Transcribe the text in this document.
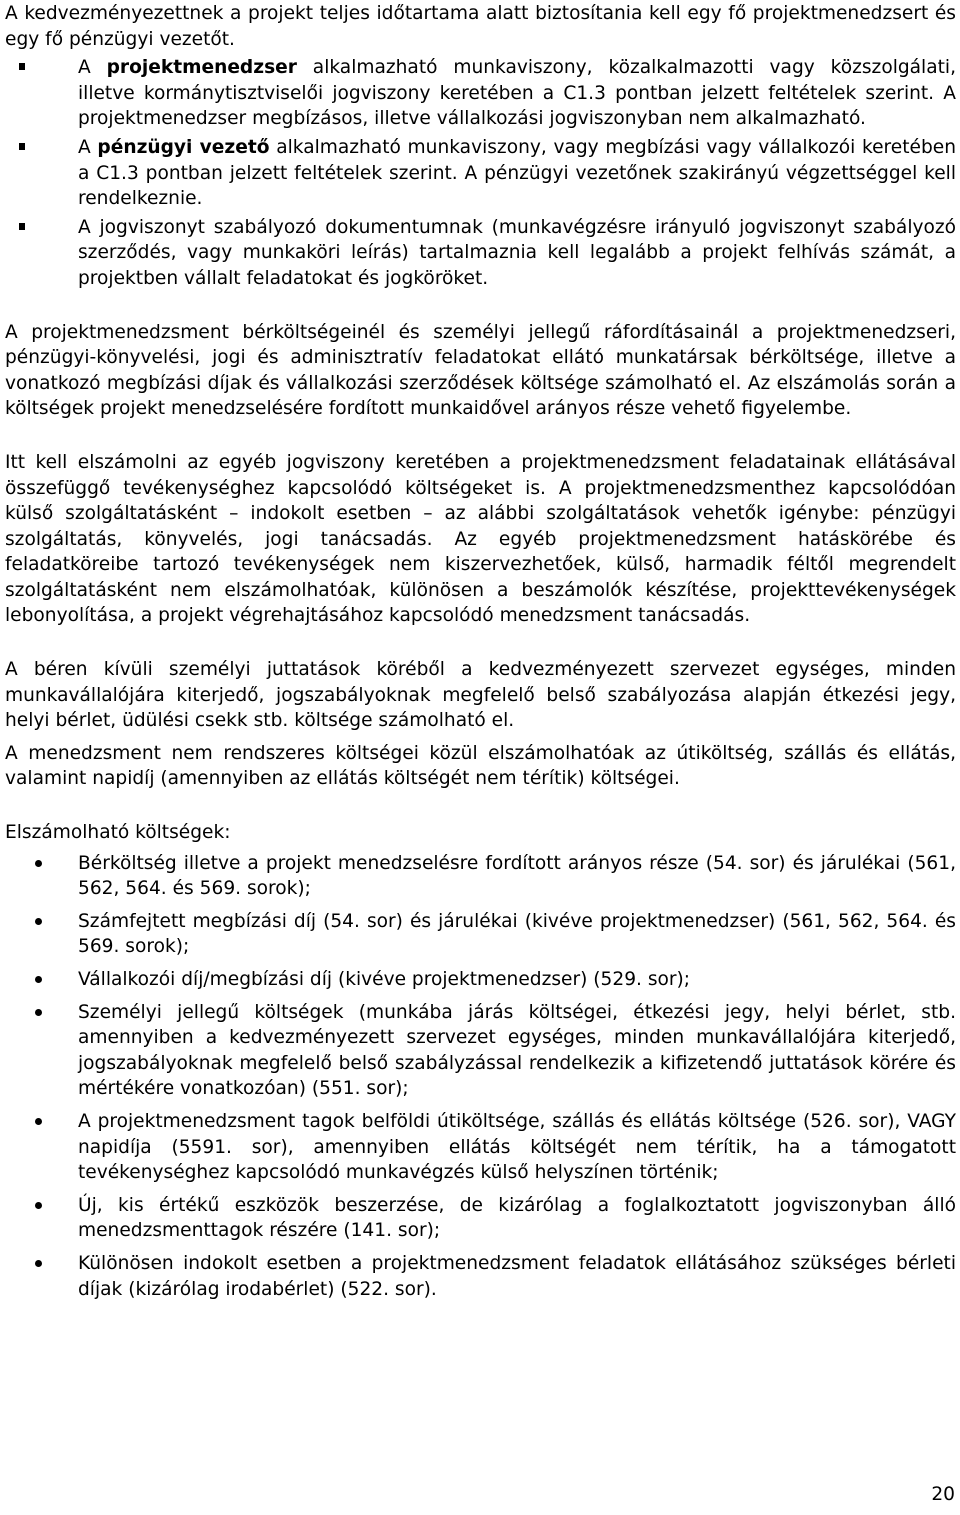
A kedvezményezettnek a projekt teljes időtartama alatt biztosítania kell egy fő projektmenedzsert és egy fő pénzügyi vezetőt.

A projektmenedzser alkalmazható munkaviszony, közalkalmazotti vagy közszolgálati, illetve kormánytisztviselői jogviszony keretében a C1.3 pontban jelzett feltételek szerint. A projektmenedzser megbízásos, illetve vállalkozási jogviszonyban nem alkalmazható.
A pénzügyi vezető alkalmazható munkaviszony, vagy megbízási vagy vállalkozói keretében a C1.3 pontban jelzett feltételek szerint. A pénzügyi vezetőnek szakirányú végzettséggel kell rendelkeznie.
A jogviszonyt szabályozó dokumentumnak (munkavégzésre irányuló jogviszonyt szabályozó szerződés, vagy munkaköri leírás) tartalmaznia kell legalább a projekt felhívás számát, a projektben vállalt feladatokat és jogköröket.

A projektmenedzsment bérköltségeinél és személyi jellegű ráfordításainál a projektmenedzseri, pénzügyi-könyvelési, jogi és adminisztratív feladatokat ellátó munkatársak bérköltsége, illetve a vonatkozó megbízási díjak és vállalkozási szerződések költsége számolható el. Az elszámolás során a költségek projekt menedzselésére fordított munkaidővel arányos része vehető figyelembe.

Itt kell elszámolni az egyéb jogviszony keretében a projektmenedzsment feladatainak ellátásával összefüggő tevékenységhez kapcsolódó költségeket is. A projektmenedzsmenthez kapcsolódóan külső szolgáltatásként – indokolt esetben – az alábbi szolgáltatások vehetők igénybe: pénzügyi szolgáltatás, könyvelés, jogi tanácsadás. Az egyéb projektmenedzsment hatáskörébe és feladatköreibe tartozó tevékenységek nem kiszervezhetőek, külső, harmadik féltől megrendelt szolgáltatásként nem elszámolhatóak, különösen a beszámolók készítése, projekttevékenységek lebonyolítása, a projekt végrehajtásához kapcsolódó menedzsment tanácsadás.

A béren kívüli személyi juttatások köréből a kedvezményezett szervezet egységes, minden munkavállalójára kiterjedő, jogszabályoknak megfelelő belső szabályozása alapján étkezési jegy, helyi bérlet, üdülési csekk stb. költsége számolható el.

A menedzsment nem rendszeres költségei közül elszámolhatóak az útiköltség, szállás és ellátás, valamint napidíj (amennyiben az ellátás költségét nem térítik) költségei.

Elszámolható költségek:

Bérköltség illetve a projekt menedzselésre fordított arányos része (54. sor) és járulékai (561, 562, 564. és 569. sorok);
Számfejtett megbízási díj (54. sor) és járulékai (kivéve projektmenedzser) (561, 562, 564. és 569. sorok);
Vállalkozói díj/megbízási díj (kivéve projektmenedzser) (529. sor);
Személyi jellegű költségek (munkába járás költségei, étkezési jegy, helyi bérlet, stb. amennyiben a kedvezményezett szervezet egységes, minden munkavállalójára kiterjedő, jogszabályoknak megfelelő belső szabályzással rendelkezik a kifizetendő juttatások körére és mértékére vonatkozóan) (551. sor);
A projektmenedzsment tagok belföldi útiköltsége, szállás és ellátás költsége (526. sor), VAGY napidíja (5591. sor), amennyiben ellátás költségét nem térítik, ha a támogatott tevékenységhez kapcsolódó munkavégzés külső helyszínen történik;
Új, kis értékű eszközök beszerzése, de kizárólag a foglalkoztatott jogviszonyban álló menedzsmenttagok részére (141. sor);
Különösen indokolt esetben a projektmenedzsment feladatok ellátásához szükséges bérleti díjak (kizárólag irodabérlet) (522. sor).
20
